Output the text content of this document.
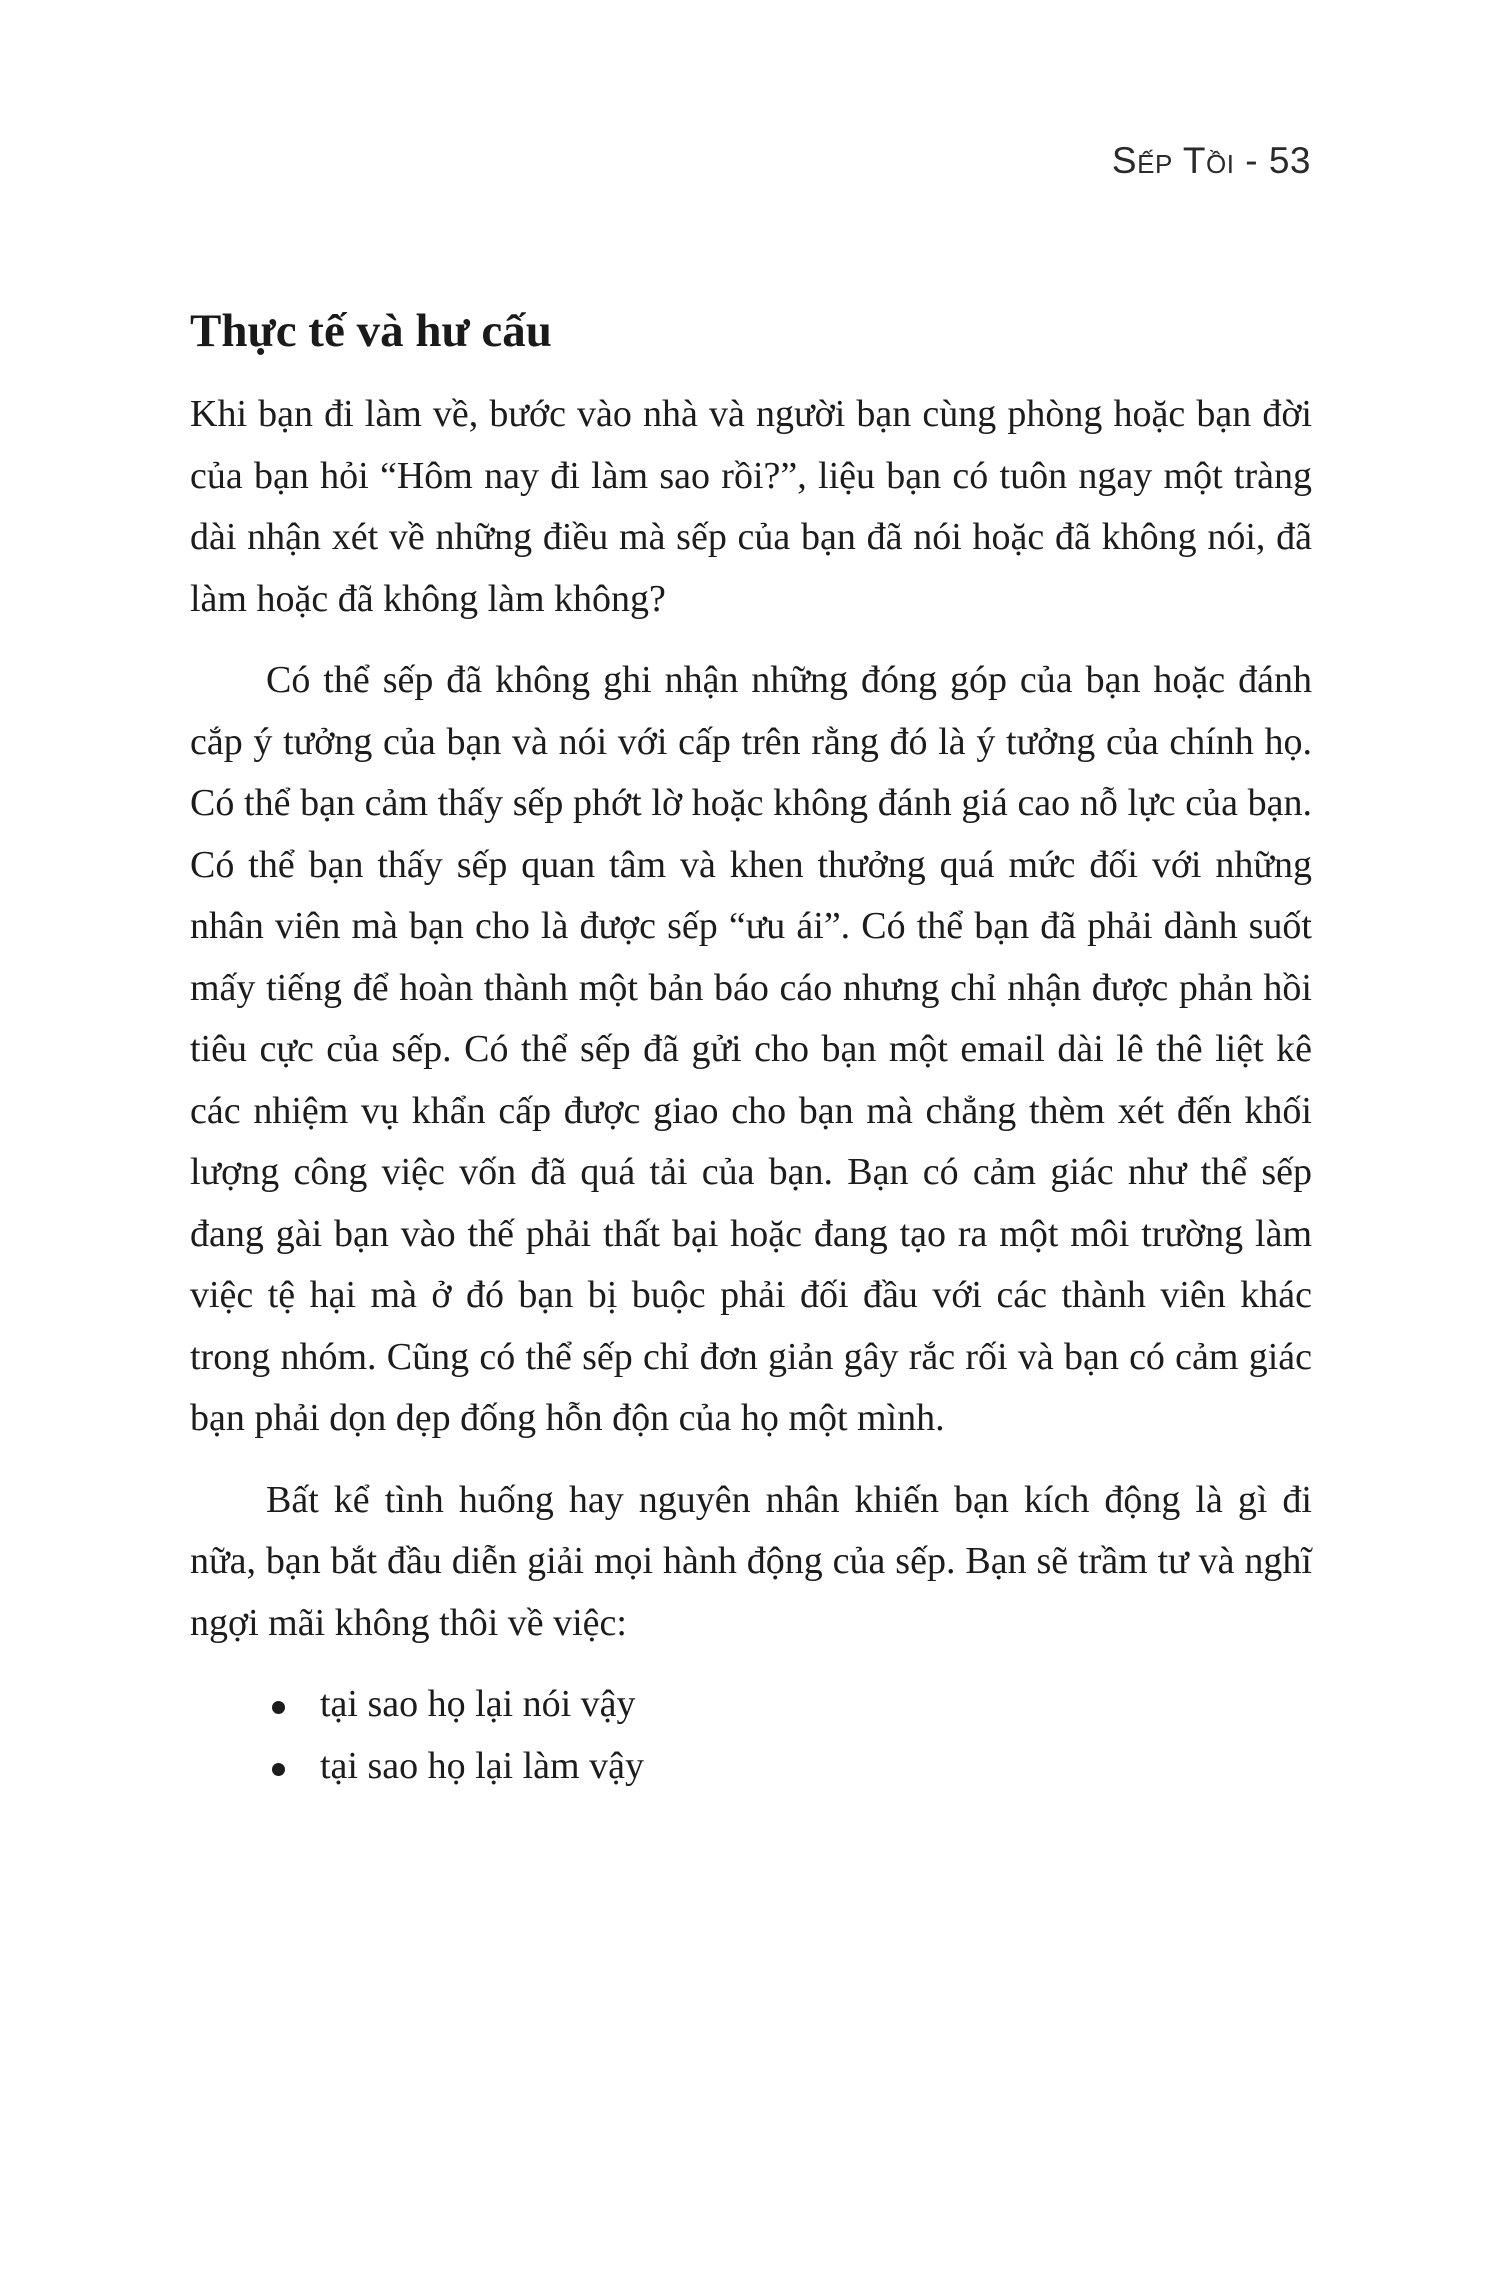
Sếp Tồi - 53
Thực tế và hư cấu

Khi bạn đi làm về, bước vào nhà và người bạn cùng phòng hoặc bạn đời của bạn hỏi “Hôm nay đi làm sao rồi?”, liệu bạn có tuôn ngay một tràng dài nhận xét về những điều mà sếp của bạn đã nói hoặc đã không nói, đã làm hoặc đã không làm không?

Có thể sếp đã không ghi nhận những đóng góp của bạn hoặc đánh cắp ý tưởng của bạn và nói với cấp trên rằng đó là ý tưởng của chính họ. Có thể bạn cảm thấy sếp phớt lờ hoặc không đánh giá cao nỗ lực của bạn. Có thể bạn thấy sếp quan tâm và khen thưởng quá mức đối với những nhân viên mà bạn cho là được sếp “ưu ái”. Có thể bạn đã phải dành suốt mấy tiếng để hoàn thành một bản báo cáo nhưng chỉ nhận được phản hồi tiêu cực của sếp. Có thể sếp đã gửi cho bạn một email dài lê thê liệt kê các nhiệm vụ khẩn cấp được giao cho bạn mà chẳng thèm xét đến khối lượng công việc vốn đã quá tải của bạn. Bạn có cảm giác như thể sếp đang gài bạn vào thế phải thất bại hoặc đang tạo ra một môi trường làm việc tệ hại mà ở đó bạn bị buộc phải đối đầu với các thành viên khác trong nhóm. Cũng có thể sếp chỉ đơn giản gây rắc rối và bạn có cảm giác bạn phải dọn dẹp đống hỗn độn của họ một mình.

Bất kể tình huống hay nguyên nhân khiến bạn kích động là gì đi nữa, bạn bắt đầu diễn giải mọi hành động của sếp. Bạn sẽ trầm tư và nghĩ ngợi mãi không thôi về việc:

tại sao họ lại nói vậy
tại sao họ lại làm vậy
